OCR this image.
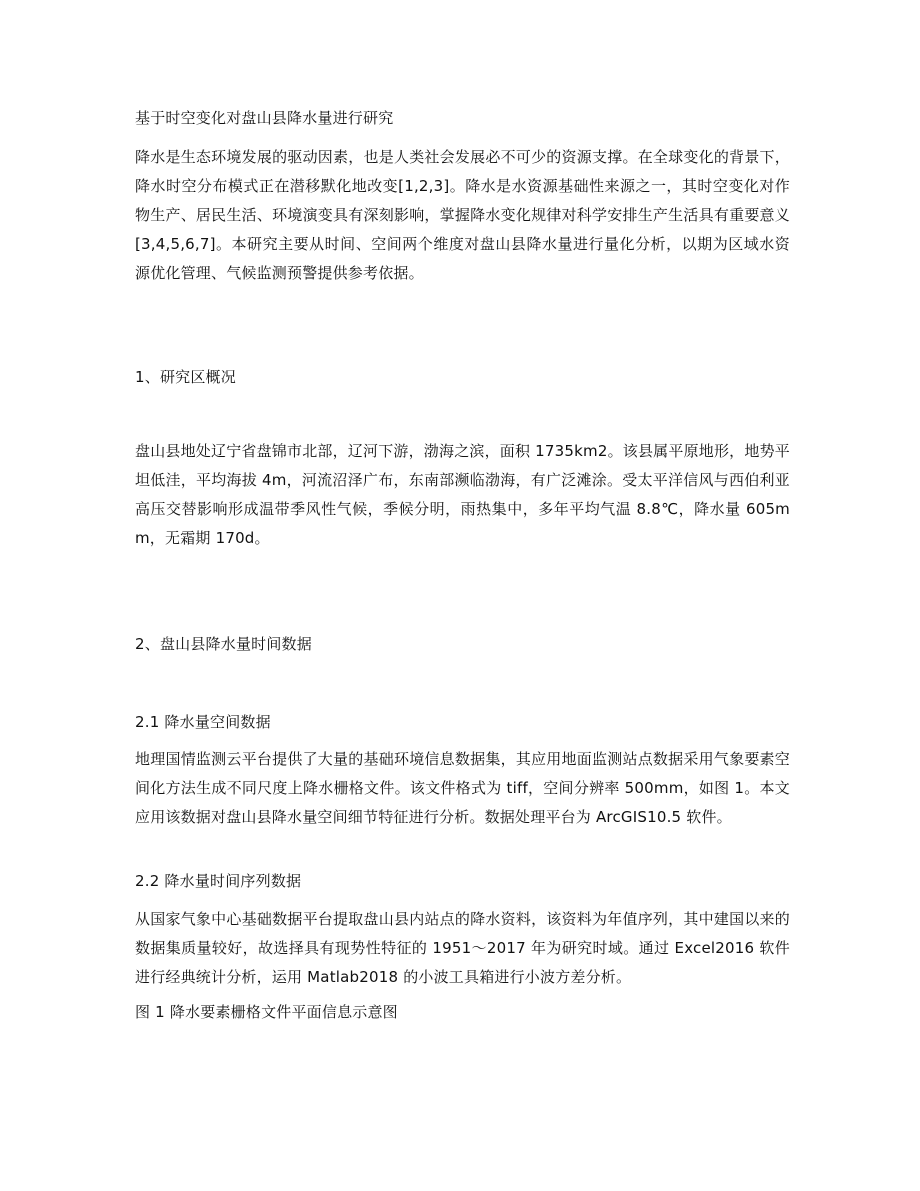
基于时空变化对盘山县降水量进行研究

降水是生态环境发展的驱动因素，也是人类社会发展必不可少的资源支撑。在全球变化的背景下，降水时空分布模式正在潜移默化地改变[1,2,3]。降水是水资源基础性来源之一，其时空变化对作物生产、居民生活、环境演变具有深刻影响，掌握降水变化规律对科学安排生产生活具有重要意义[3,4,5,6,7]。本研究主要从时间、空间两个维度对盘山县降水量进行量化分析，以期为区域水资源优化管理、气候监测预警提供参考依据。

1、研究区概况

盘山县地处辽宁省盘锦市北部，辽河下游，渤海之滨，面积 1735km2。该县属平原地形，地势平坦低洼，平均海拔 4m，河流沼泽广布，东南部濒临渤海，有广泛滩涂。受太平洋信风与西伯利亚高压交替影响形成温带季风性气候，季候分明，雨热集中，多年平均气温 8.8℃，降水量 605mm，无霜期 170d。

2、盘山县降水量时间数据

2.1 降水量空间数据

地理国情监测云平台提供了大量的基础环境信息数据集，其应用地面监测站点数据采用气象要素空间化方法生成不同尺度上降水栅格文件。该文件格式为 tiff，空间分辨率 500mm，如图 1。本文应用该数据对盘山县降水量空间细节特征进行分析。数据处理平台为 ArcGIS10.5 软件。

2.2 降水量时间序列数据

从国家气象中心基础数据平台提取盘山县内站点的降水资料，该资料为年值序列，其中建国以来的数据集质量较好，故选择具有现势性特征的 1951～2017 年为研究时域。通过 Excel2016 软件进行经典统计分析，运用 Matlab2018 的小波工具箱进行小波方差分析。

图 1 降水要素栅格文件平面信息示意图
